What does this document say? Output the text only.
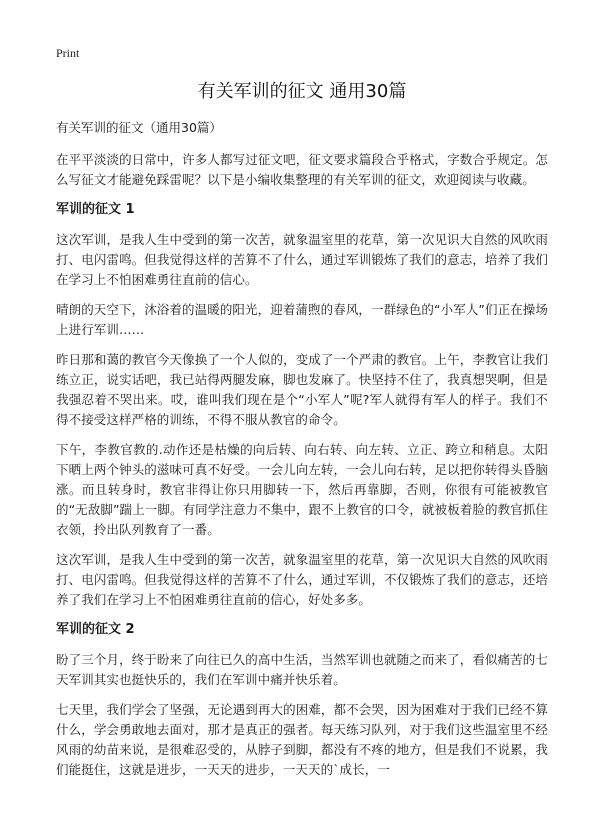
Print
有关军训的征文 通用30篇
有关军训的征文（通用30篇）

在平平淡淡的日常中，许多人都写过征文吧，征文要求篇段合乎格式，字数合乎规定。怎么写征文才能避免踩雷呢？以下是小编收集整理的有关军训的征文，欢迎阅读与收藏。

军训的征文 1

这次军训，是我人生中受到的第一次苦，就象温室里的花草，第一次见识大自然的风吹雨打、电闪雷鸣。但我觉得这样的苦算不了什么，通过军训锻炼了我们的意志，培养了我们在学习上不怕困难勇往直前的信心。

晴朗的天空下，沐浴着的温暖的阳光，迎着蒲煦的春风，一群绿色的“小军人”们正在操场上进行军训……

昨日那和蔼的教官今天像换了一个人似的，变成了一个严肃的教官。上午，李教官让我们练立正，说实话吧，我已站得两腿发麻，脚也发麻了。快坚持不住了，我真想哭啊，但是我强忍着不哭出来。哎，谁叫我们现在是个“小军人”呢?军人就得有军人的样子。我们不得不接受这样严格的训练，不得不服从教官的命令。

下午，李教官教的.动作还是枯燥的向后转、向右转、向左转、立正、跨立和稍息。太阳下晒上两个钟头的滋味可真不好受。一会儿向左转，一会儿向右转，足以把你转得头昏脑涨。而且转身时，教官非得让你只用脚转一下，然后再靠脚，否则，你很有可能被教官的“无敌脚”踹上一脚。有同学注意力不集中，跟不上教官的口令，就被板着脸的教官抓住衣领，拎出队列教育了一番。

这次军训，是我人生中受到的第一次苦，就象温室里的花草，第一次见识大自然的风吹雨打、电闪雷鸣。但我觉得这样的苦算不了什么，通过军训，不仅锻炼了我们的意志，还培养了我们在学习上不怕困难勇往直前的信心，好处多多。

军训的征文 2

盼了三个月，终于盼来了向往已久的高中生活，当然军训也就随之而来了，看似痛苦的七天军训其实也挺快乐的，我们在军训中痛并快乐着。

七天里，我们学会了坚强，无论遇到再大的困难，都不会哭，因为困难对于我们已经不算什么，学会勇敢地去面对，那才是真正的强者。每天练习队列，对于我们这些温室里不经风雨的幼苗来说，是很难忍受的，从脖子到脚，都没有不疼的地方，但是我们不说累，我们能挺住，这就是进步，一天天的进步，一天天的`成长，一
